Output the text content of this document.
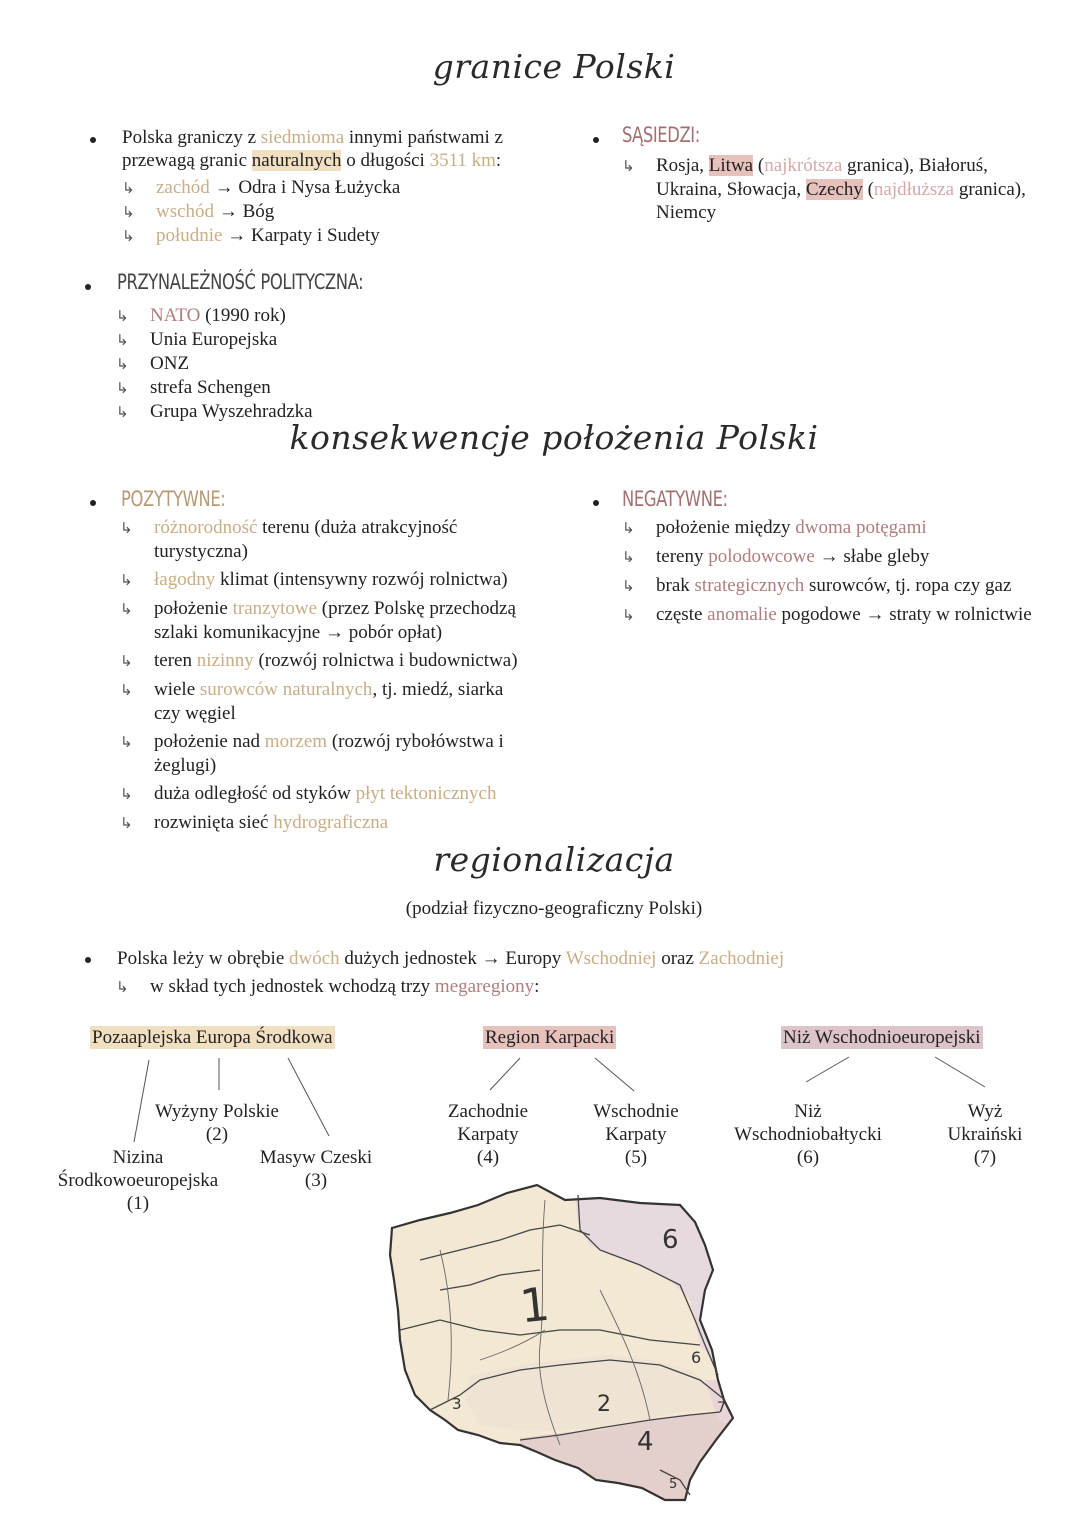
granice Polski
Polska graniczy z siedmioma innymi państwami z
przewagą granic naturalnych o długości 3511 km:
↳ zachód → Odra i Nysa Łużycka
↳ wschód → Bóg
↳ południe → Karpaty i Sudety
SĄSIEDZI:
↳ Rosja, Litwa (najkrótsza granica), Białoruś,
Ukraina, Słowacja, Czechy (najdłuższa granica),
Niemcy
PRZYNALEŻNOŚĆ POLITYCZNA:
↳ NATO (1990 rok)
↳ Unia Europejska
↳ ONZ
↳ strefa Schengen
↳ Grupa Wyszehradzka
konsekwencje położenia Polski
POZYTYWNE:
↳ różnorodność terenu (duża atrakcyjność
turystyczna)
↳ łagodny klimat (intensywny rozwój rolnictwa)
↳ położenie tranzytowe (przez Polskę przechodzą
szlaki komunikacyjne → pobór opłat)
↳ teren nizinny (rozwój rolnictwa i budownictwa)
↳ wiele surowców naturalnych, tj. miedź, siarka
czy węgiel
↳ położenie nad morzem (rozwój rybołówstwa i
żeglugi)
↳ duża odległość od styków płyt tektonicznych
↳ rozwinięta sieć hydrograficzna
NEGATYWNE:
↳ położenie między dwoma potęgami
↳ tereny polodowcowe → słabe gleby
↳ brak strategicznych surowców, tj. ropa czy gaz
↳ częste anomalie pogodowe → straty w rolnictwie
regionalizacja
(podział fizyczno-geograficzny Polski)
Polska leży w obrębie dwóch dużych jednostek → Europy Wschodniej oraz Zachodniej
↳ w skład tych jednostek wchodzą trzy megaregiony:
Pozaaplejska Europa Środkowa	Region Karpacki	Niż Wschodnioeuropejski
Nizina
Środkowoeuropejska
(1)
Wyżyny Polskie
(2)
Masyw Czeski
(3)
Zachodnie
Karpaty
(4)
Wschodnie
Karpaty
(5)
Niż
Wschodniobałtycki
(6)
Wyż
Ukraiński
(7)
1
6
6
2
3
4
7
5
